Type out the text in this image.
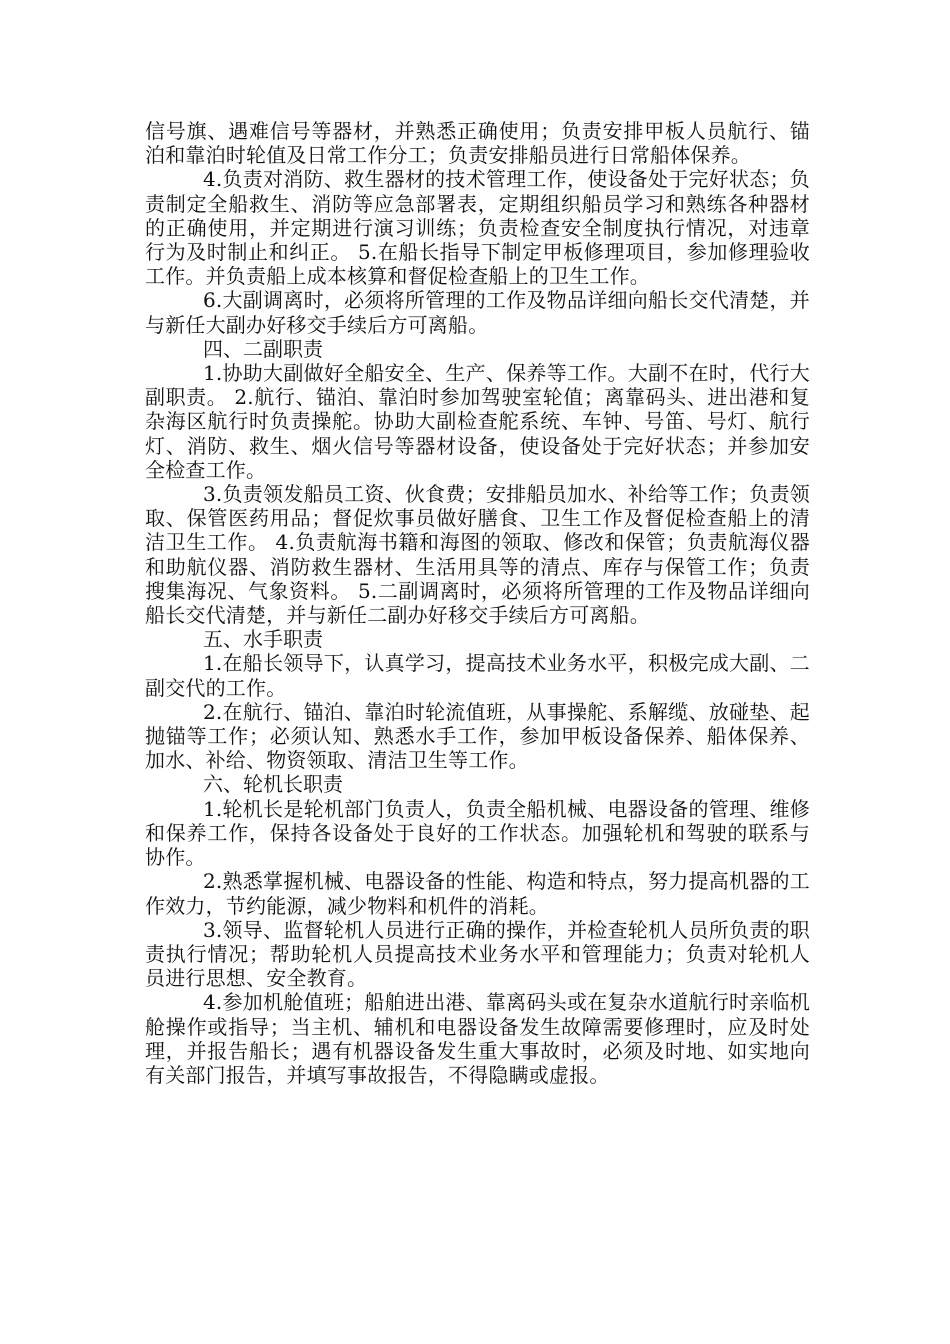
信号旗、遇难信号等器材，并熟悉正确使用；负责安排甲板人员航行、锚泊和靠泊时轮值及日常工作分工；负责安排船员进行日常船体保养。

4.负责对消防、救生器材的技术管理工作，使设备处于完好状态；负责制定全船救生、消防等应急部署表，定期组织船员学习和熟练各种器材的正确使用，并定期进行演习训练；负责检查安全制度执行情况，对违章行为及时制止和纠正。 5.在船长指导下制定甲板修理项目，参加修理验收工作。并负责船上成本核算和督促检查船上的卫生工作。

6.大副调离时，必须将所管理的工作及物品详细向船长交代清楚，并与新任大副办好移交手续后方可离船。

四、二副职责

1.协助大副做好全船安全、生产、保养等工作。大副不在时，代行大副职责。 2.航行、锚泊、靠泊时参加驾驶室轮值；离靠码头、进出港和复杂海区航行时负责操舵。协助大副检查舵系统、车钟、号笛、号灯、航行灯、消防、救生、烟火信号等器材设备，使设备处于完好状态；并参加安全检查工作。

3.负责领发船员工资、伙食费；安排船员加水、补给等工作；负责领取、保管医药用品；督促炊事员做好膳食、卫生工作及督促检查船上的清洁卫生工作。 4.负责航海书籍和海图的领取、修改和保管；负责航海仪器和助航仪器、消防救生器材、生活用具等的清点、库存与保管工作；负责搜集海况、气象资料。 5.二副调离时，必须将所管理的工作及物品详细向船长交代清楚，并与新任二副办好移交手续后方可离船。

五、水手职责

1.在船长领导下，认真学习，提高技术业务水平，积极完成大副、二副交代的工作。

2.在航行、锚泊、靠泊时轮流值班，从事操舵、系解缆、放碰垫、起抛锚等工作；必须认知、熟悉水手工作，参加甲板设备保养、船体保养、加水、补给、物资领取、清洁卫生等工作。

六、轮机长职责

1.轮机长是轮机部门负责人，负责全船机械、电器设备的管理、维修和保养工作，保持各设备处于良好的工作状态。加强轮机和驾驶的联系与协作。

2.熟悉掌握机械、电器设备的性能、构造和特点，努力提高机器的工作效力，节约能源，减少物料和机件的消耗。

3.领导、监督轮机人员进行正确的操作，并检查轮机人员所负责的职责执行情况；帮助轮机人员提高技术业务水平和管理能力；负责对轮机人员进行思想、安全教育。

4.参加机舱值班；船舶进出港、靠离码头或在复杂水道航行时亲临机舱操作或指导；当主机、辅机和电器设备发生故障需要修理时，应及时处理，并报告船长；遇有机器设备发生重大事故时，必须及时地、如实地向有关部门报告，并填写事故报告，不得隐瞒或虚报。
